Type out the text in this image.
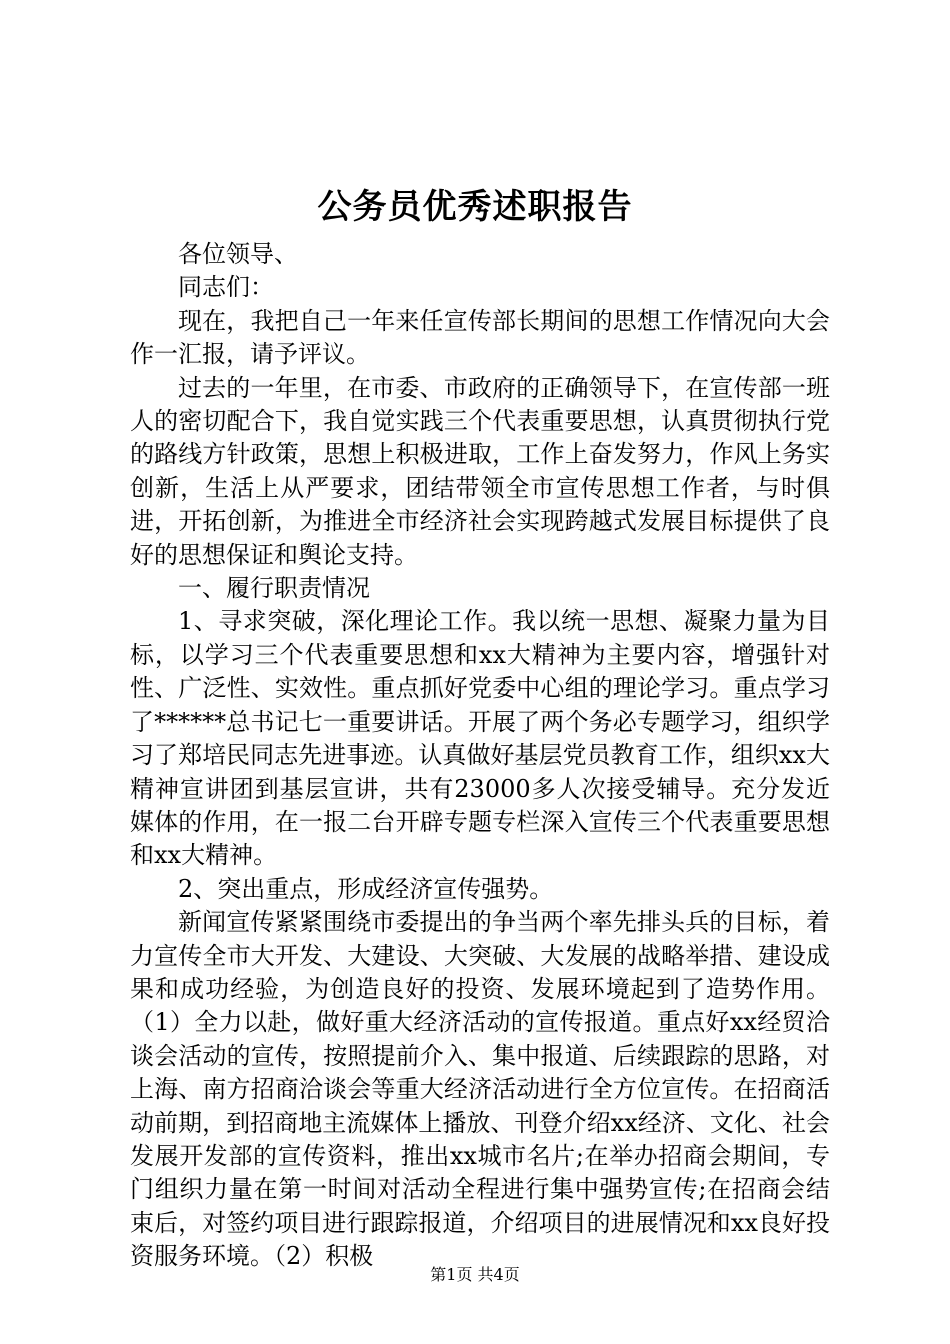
公务员优秀述职报告

各位领导、

同志们：

现在，我把自己一年来任宣传部长期间的思想工作情况向大会作一汇报，请予评议。

过去的一年里，在市委、市政府的正确领导下，在宣传部一班人的密切配合下，我自觉实践三个代表重要思想，认真贯彻执行党的路线方针政策，思想上积极进取，工作上奋发努力，作风上务实创新，生活上从严要求，团结带领全市宣传思想工作者，与时俱进，开拓创新，为推进全市经济社会实现跨越式发展目标提供了良好的思想保证和舆论支持。

一、履行职责情况

1、寻求突破，深化理论工作。我以统一思想、凝聚力量为目标，以学习三个代表重要思想和xx大精神为主要内容，增强针对性、广泛性、实效性。重点抓好党委中心组的理论学习。重点学习了******总书记七一重要讲话。开展了两个务必专题学习，组织学习了郑培民同志先进事迹。认真做好基层党员教育工作，组织xx大精神宣讲团到基层宣讲，共有23000多人次接受辅导。充分发近媒体的作用，在一报二台开辟专题专栏深入宣传三个代表重要思想和xx大精神。

2、突出重点，形成经济宣传强势。

新闻宣传紧紧围绕市委提出的争当两个率先排头兵的目标，着力宣传全市大开发、大建设、大突破、大发展的战略举措、建设成果和成功经验，为创造良好的投资、发展环境起到了造势作用。（1）全力以赴，做好重大经济活动的宣传报道。重点好xx经贸洽谈会活动的宣传，按照提前介入、集中报道、后续跟踪的思路，对上海、南方招商洽谈会等重大经济活动进行全方位宣传。在招商活动前期，到招商地主流媒体上播放、刊登介绍xx经济、文化、社会发展开发部的宣传资料，推出xx城市名片;在举办招商会期间，专门组织力量在第一时间对活动全程进行集中强势宣传;在招商会结束后，对签约项目进行跟踪报道，介绍项目的进展情况和xx良好投资服务环境。（2）积极

第1页 共4页
